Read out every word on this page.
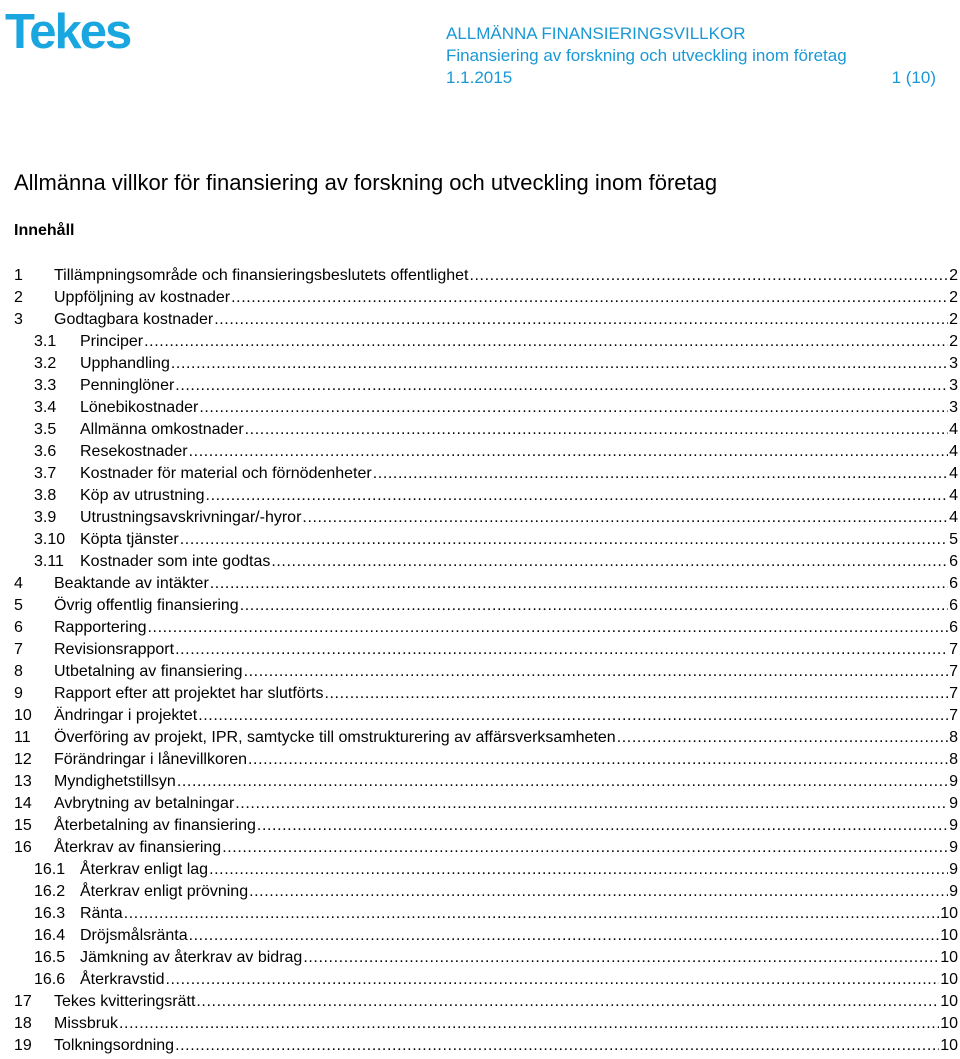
Tekes	ALLMÄNNA FINANSIERINGSVILLKOR
Finansiering av forskning och utveckling inom företag
1.1.2015	1 (10)
Allmänna villkor för finansiering av forskning och utveckling inom företag
Innehåll
1	Tillämpningsområde och finansieringsbeslutets offentlighet .....	2
2	Uppföljning av kostnader .....	2
3	Godtagbara kostnader .....	2
3.1	Principer .....	2
3.2	Upphandling .....	3
3.3	Penninglöner .....	3
3.4	Lönebikostnader .....	3
3.5	Allmänna omkostnader .....	4
3.6	Resekostnader .....	4
3.7	Kostnader för material och förnödenheter .....	4
3.8	Köp av utrustning .....	4
3.9	Utrustningsavskrivningar/-hyror .....	4
3.10 Köpta tjänster .....	5
3.11	Kostnader som inte godtas .....	6
4	Beaktande av intäkter .....	6
5	Övrig offentlig finansiering .....	6
6	Rapportering .....	6
7	Revisionsrapport .....	7
8	Utbetalning av finansiering .....	7
9	Rapport efter att projektet har slutförts .....	7
10	Ändringar i projektet .....	7
11	Överföring av projekt, IPR, samtycke till omstrukturering av affärsverksamheten .....	8
12	Förändringar i lånevillkoren .....	8
13	Myndighetstillsyn .....	9
14	Avbrytning av betalningar .....	9
15	Återbetalning av finansiering .....	9
16	Återkrav av finansiering .....	9
16.1 Återkrav enligt lag .....	9
16.2 Återkrav enligt prövning .....	9
16.3 Ränta .....	10
16.4 Dröjsmålsränta .....	10
16.5 Jämkning av återkrav av bidrag .....	10
16.6 Återkravstid .....	10
17	Tekes kvitteringsrätt .....	10
18	Missbruk .....	10
19	Tolkningsordning .....	10
